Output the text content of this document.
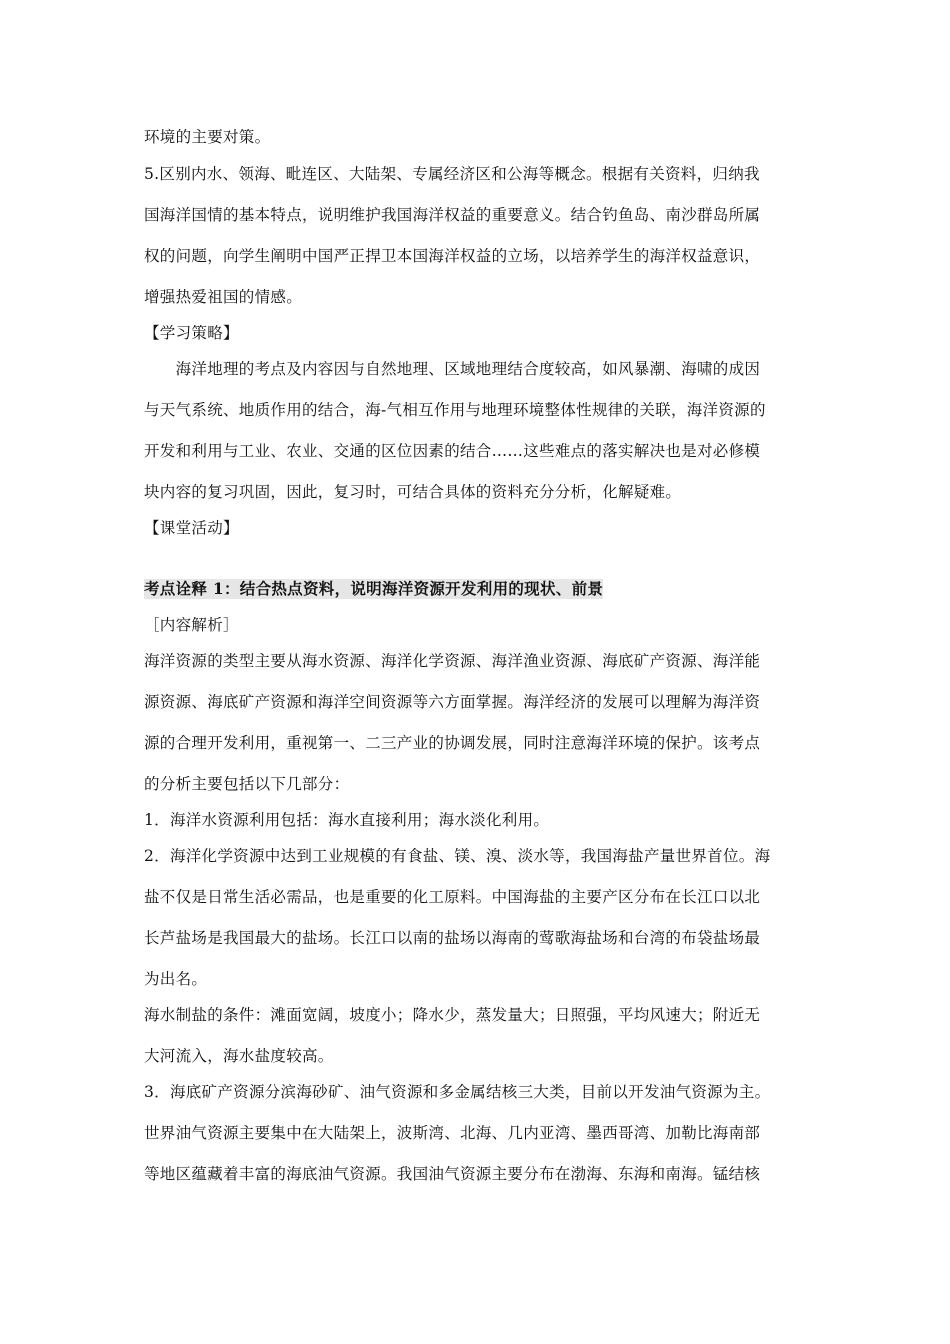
环境的主要对策。
5.区别内水、领海、毗连区、大陆架、专属经济区和公海等概念。根据有关资料，归纳我
国海洋国情的基本特点，说明维护我国海洋权益的重要意义。结合钓鱼岛、南沙群岛所属
权的问题，向学生阐明中国严正捍卫本国海洋权益的立场，以培养学生的海洋权益意识，
增强热爱祖国的情感。
【学习策略】
　　海洋地理的考点及内容因与自然地理、区域地理结合度较高，如风暴潮、海啸的成因
与天气系统、地质作用的结合，海-气相互作用与地理环境整体性规律的关联，海洋资源的
开发和利用与工业、农业、交通的区位因素的结合……这些难点的落实解决也是对必修模
块内容的复习巩固，因此，复习时，可结合具体的资料充分分析，化解疑难。
【课堂活动】
考点诠释 1：结合热点资料，说明海洋资源开发利用的现状、前景
［内容解析］
海洋资源的类型主要从海水资源、海洋化学资源、海洋渔业资源、海底矿产资源、海洋能
源资源、海底矿产资源和海洋空间资源等六方面掌握。海洋经济的发展可以理解为海洋资
源的合理开发利用，重视第一、二三产业的协调发展，同时注意海洋环境的保护。该考点
的分析主要包括以下几部分：
1．海洋水资源利用包括：海水直接利用；海水淡化利用。
2．海洋化学资源中达到工业规模的有食盐、镁、溴、淡水等，我国海盐产量世界首位。海
盐不仅是日常生活必需品，也是重要的化工原料。中国海盐的主要产区分布在长江口以北
长芦盐场是我国最大的盐场。长江口以南的盐场以海南的莺歌海盐场和台湾的布袋盐场最
为出名。
海水制盐的条件：滩面宽阔，坡度小；降水少，蒸发量大；日照强，平均风速大；附近无
大河流入，海水盐度较高。
3．海底矿产资源分滨海砂矿、油气资源和多金属结核三大类，目前以开发油气资源为主。
世界油气资源主要集中在大陆架上，波斯湾、北海、几内亚湾、墨西哥湾、加勒比海南部
等地区蕴藏着丰富的海底油气资源。我国油气资源主要分布在渤海、东海和南海。锰结核
